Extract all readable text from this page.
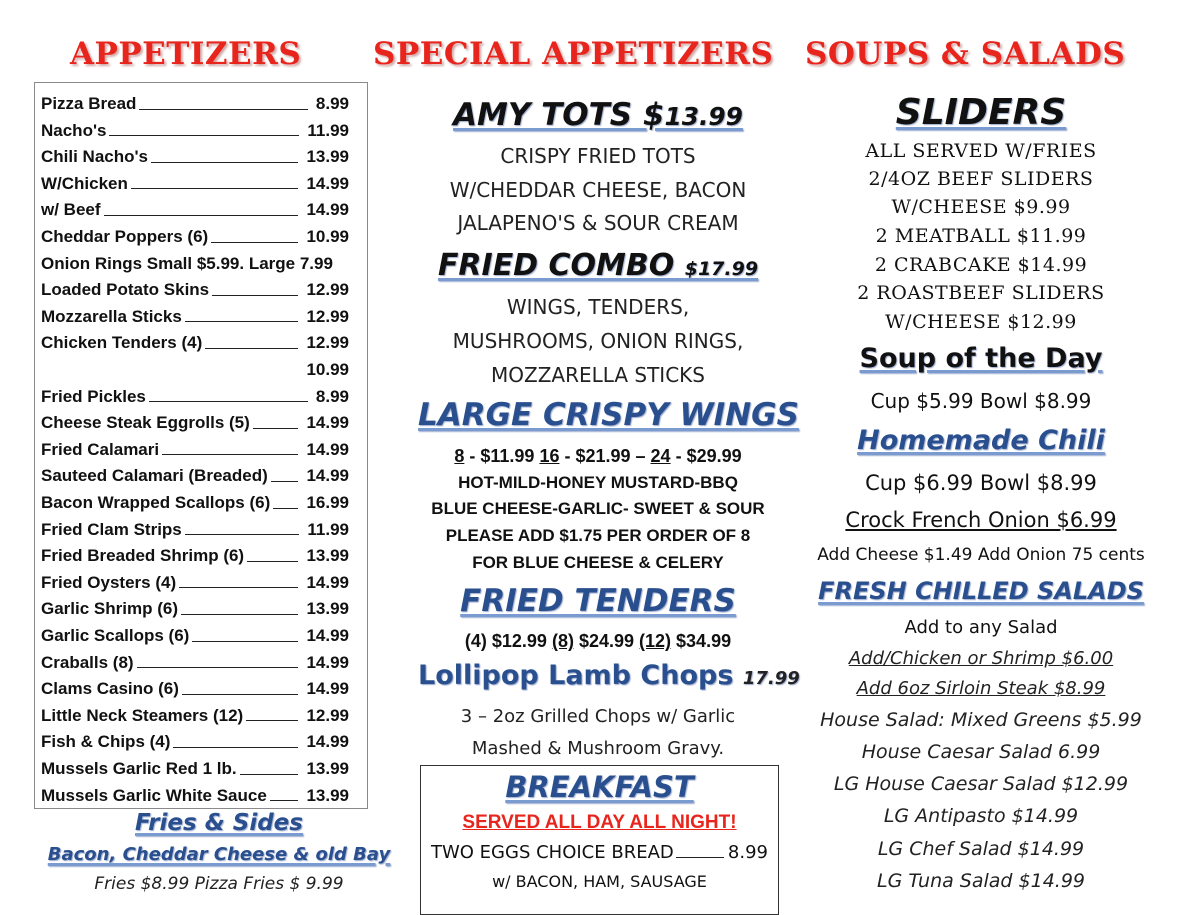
APPETIZERS SPECIAL APPETIZERS SOUPS & SALADS
Pizza Bread	8.99
Nacho's	11.99
Chili Nacho's	13.99
W/Chicken	14.99
w/ Beef	14.99
Cheddar Poppers (6)	10.99
Onion Rings Small $5.99. Large 7.99
Loaded Potato Skins	12.99
Mozzarella Sticks	12.99
Chicken Tenders (4)	12.99
10.99
Fried Pickles	8.99
Cheese Steak Eggrolls (5)	14.99
Fried Calamari	14.99
Sauteed Calamari (Breaded) 14.99
Bacon Wrapped Scallops (6) 16.99
Fried Clam Strips	11.99
Fried Breaded Shrimp (6)	13.99
Fried Oysters (4)	14.99
Garlic Shrimp (6)	13.99
Garlic Scallops (6)	14.99
Craballs (8)	14.99
Clams Casino (6)	14.99
Little Neck Steamers (12)	12.99
Fish & Chips (4)	14.99
Mussels Garlic Red 1 lb.	13.99
Mussels Garlic White Sauce 13.99
Fries & Sides
Bacon, Cheddar Cheese & old Bay
Fries $8.99 Pizza Fries $ 9.99
AMY TOTS $13.99
CRISPY FRIED TOTS
W/CHEDDAR CHEESE, BACON
JALAPENO'S & SOUR CREAM
FRIED COMBO $17.99
WINGS, TENDERS,
MUSHROOMS, ONION RINGS,
MOZZARELLA STICKS
LARGE CRISPY WINGS
8 - $11.99 16 - $21.99 – 24 - $29.99
HOT-MILD-HONEY MUSTARD-BBQ
BLUE CHEESE-GARLIC- SWEET & SOUR
PLEASE ADD $1.75 PER ORDER OF 8
FOR BLUE CHEESE & CELERY
FRIED TENDERS
(4) $12.99 (8) $24.99 (12) $34.99
Lollipop Lamb Chops 17.99
3 – 2oz Grilled Chops w/ Garlic
Mashed & Mushroom Gravy.
BREAKFAST
SERVED ALL DAY ALL NIGHT!
TWO EGGS CHOICE BREAD	8.99
w/ BACON, HAM, SAUSAGE
SLIDERS
ALL SERVED W/FRIES
2/4OZ BEEF SLIDERS
W/CHEESE $9.99
2 MEATBALL $11.99
2 CRABCAKE $14.99
2 ROASTBEEF SLIDERS
W/CHEESE $12.99
Soup of the Day
Cup $5.99 Bowl $8.99
Homemade Chili
Cup $6.99 Bowl $8.99
Crock French Onion $6.99
Add Cheese $1.49 Add Onion 75 cents
FRESH CHILLED SALADS
Add to any Salad
Add/Chicken or Shrimp $6.00
Add 6oz Sirloin Steak $8.99
House Salad: Mixed Greens $5.99
House Caesar Salad 6.99
LG House Caesar Salad $12.99
LG Antipasto $14.99
LG Chef Salad $14.99
LG Tuna Salad $14.99
